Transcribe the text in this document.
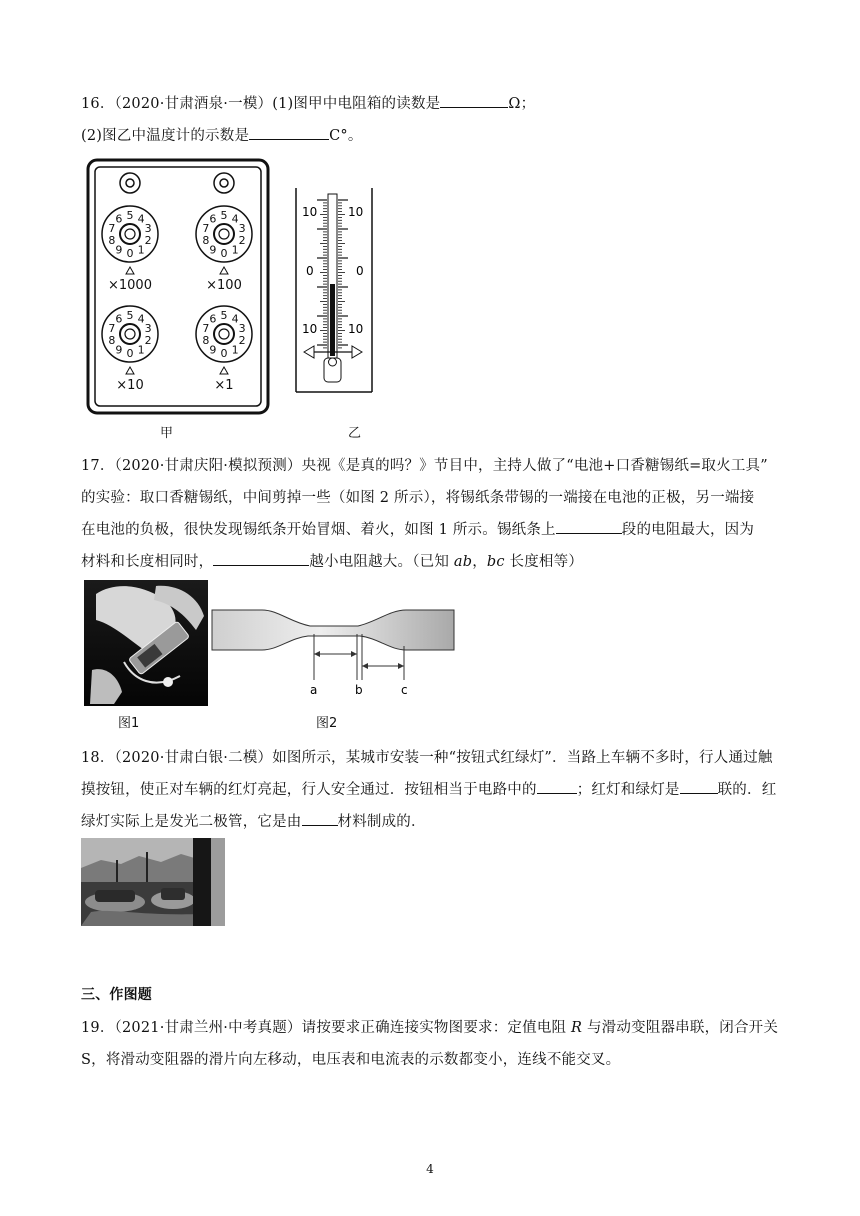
16．（2020·甘肃酒泉·一模）(1)图甲中电阻箱的读数是	Ω；
(2)图乙中温度计的示数是	C°。
4
5
6
7
8
9 0 1
2
3
×1000
4
5
6
7
8
9 0 1
2
3
×100
5
6
7
8
9 0 1
2
3
4
×10
4
5
6
7
8
9 0 1
2
3
×1
10	10
0	0
10	10
甲	乙
17．（2020·甘肃庆阳·模拟预测）央视《是真的吗？》节目中，主持人做了“电池+口香糖锡纸=取火工具”
的实验：取口香糖锡纸，中间剪掉一些（如图 2 所示），将锡纸条带锡的一端接在电池的正极，另一端接
在电池的负极，很快发现锡纸条开始冒烟、着火，如图 1 所示。锡纸条上	段的电阻最大，因为
材料和长度相同时，	越小电阻越大。（已知 ab，bc 长度相等）
图1
a	b	c
图2
18．（2020·甘肃白银·二模）如图所示，某城市安装一种“按钮式红绿灯”．当路上车辆不多时，行人通过触
摸按钮，使正对车辆的红灯亮起，行人安全通过．按钮相当于电路中的	；红灯和绿灯是	联的．红
绿灯实际上是发光二极管，它是由 材料制成的．
三、作图题
19．（2021·甘肃兰州·中考真题）请按要求正确连接实物图要求：定值电阻 R 与滑动变阻器串联，闭合开关
S，将滑动变阻器的滑片向左移动，电压表和电流表的示数都变小，连线不能交叉。
4
